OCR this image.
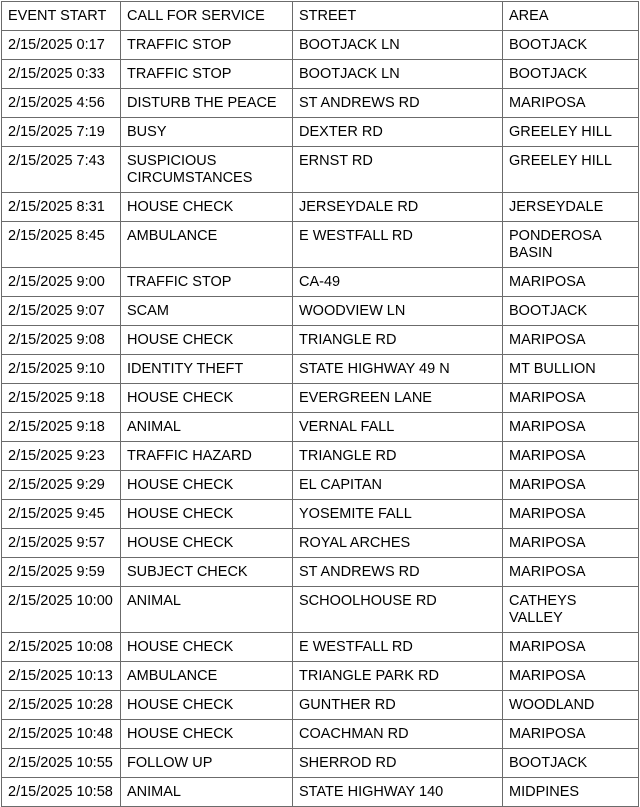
EVENT START	CALL FOR SERVICE	STREET	AREA
2/15/2025 0:17	TRAFFIC STOP	BOOTJACK LN	BOOTJACK
2/15/2025 0:33	TRAFFIC STOP	BOOTJACK LN	BOOTJACK
2/15/2025 4:56	DISTURB THE PEACE	ST ANDREWS RD	MARIPOSA
2/15/2025 7:19	BUSY	DEXTER RD	GREELEY HILL
2/15/2025 7:43	SUSPICIOUS CIRCUMSTANCES	ERNST RD	GREELEY HILL
2/15/2025 8:31	HOUSE CHECK	JERSEYDALE RD	JERSEYDALE
2/15/2025 8:45	AMBULANCE	E WESTFALL RD	PONDEROSA BASIN
2/15/2025 9:00	TRAFFIC STOP	CA-49	MARIPOSA
2/15/2025 9:07	SCAM	WOODVIEW LN	BOOTJACK
2/15/2025 9:08	HOUSE CHECK	TRIANGLE RD	MARIPOSA
2/15/2025 9:10	IDENTITY THEFT	STATE HIGHWAY 49 N	MT BULLION
2/15/2025 9:18	HOUSE CHECK	EVERGREEN LANE	MARIPOSA
2/15/2025 9:18	ANIMAL	VERNAL FALL	MARIPOSA
2/15/2025 9:23	TRAFFIC HAZARD	TRIANGLE RD	MARIPOSA
2/15/2025 9:29	HOUSE CHECK	EL CAPITAN	MARIPOSA
2/15/2025 9:45	HOUSE CHECK	YOSEMITE FALL	MARIPOSA
2/15/2025 9:57	HOUSE CHECK	ROYAL ARCHES	MARIPOSA
2/15/2025 9:59	SUBJECT CHECK	ST ANDREWS RD	MARIPOSA
2/15/2025 10:00	ANIMAL	SCHOOLHOUSE RD	CATHEYS VALLEY
2/15/2025 10:08	HOUSE CHECK	E WESTFALL RD	MARIPOSA
2/15/2025 10:13	AMBULANCE	TRIANGLE PARK RD	MARIPOSA
2/15/2025 10:28	HOUSE CHECK	GUNTHER RD	WOODLAND
2/15/2025 10:48	HOUSE CHECK	COACHMAN RD	MARIPOSA
2/15/2025 10:55	FOLLOW UP	SHERROD RD	BOOTJACK
2/15/2025 10:58	ANIMAL	STATE HIGHWAY 140	MIDPINES
